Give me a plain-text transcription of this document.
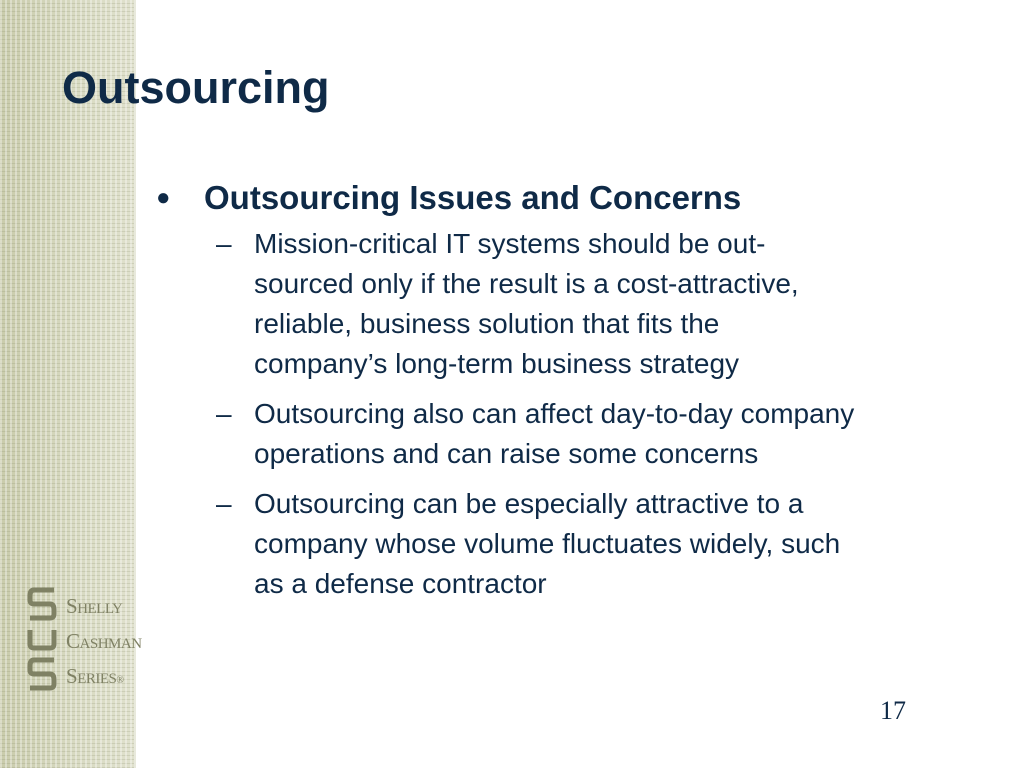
Outsourcing
●	Outsourcing Issues and Concerns
– Mission-critical IT systems should be out-
sourced only if the result is a cost-attractive,
reliable, business solution that fits the
company’s long-term business strategy
– Outsourcing also can affect day-to-day company
operations and can raise some concerns
– Outsourcing can be especially attractive to a
company whose volume fluctuates widely, such
as a defense contractor
SHELLY
CASHMAN
SERIES®
17
